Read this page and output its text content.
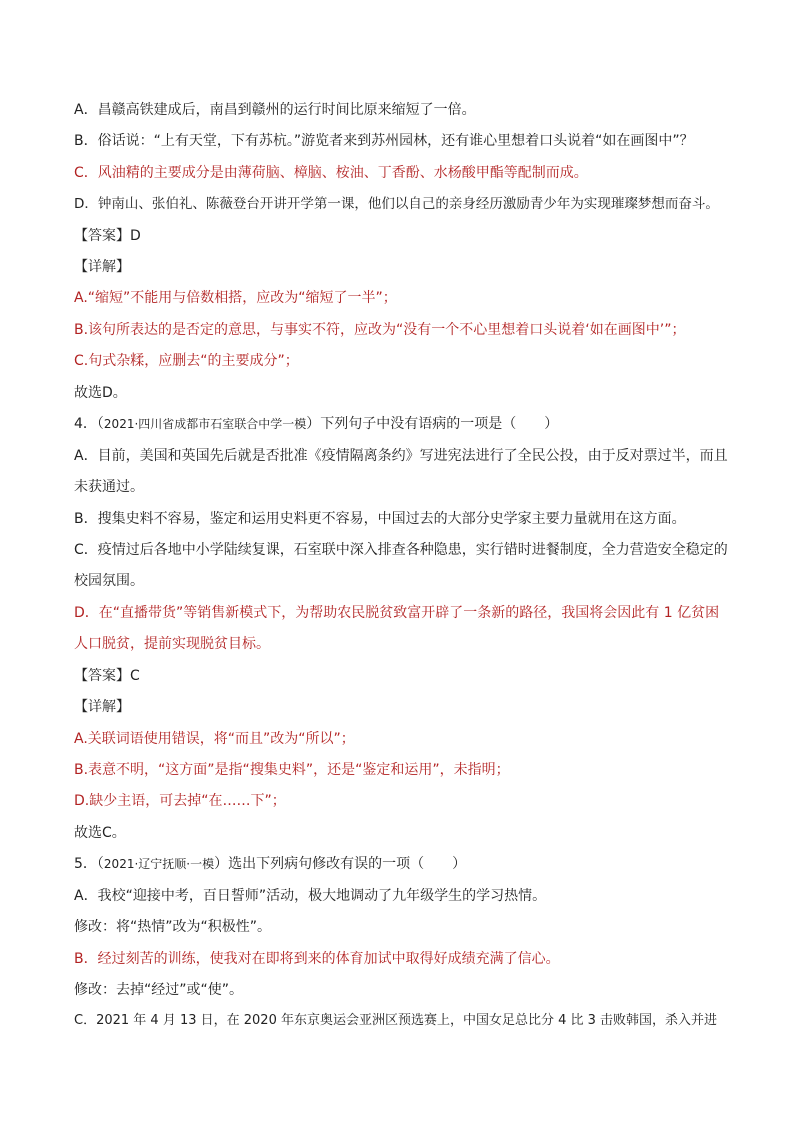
A．昌赣高铁建成后，南昌到赣州的运行时间比原来缩短了一倍。
B．俗话说：“上有天堂，下有苏杭。”游览者来到苏州园林，还有谁心里想着口头说着“如在画图中”？
C．风油精的主要成分是由薄荷脑、樟脑、桉油、丁香酚、水杨酸甲酯等配制而成。
D．钟南山、张伯礼、陈薇登台开讲开学第一课，他们以自己的亲身经历激励青少年为实现璀璨梦想而奋斗。
【答案】D
【详解】
A.“缩短”不能用与倍数相搭，应改为“缩短了一半”；
B.该句所表达的是否定的意思，与事实不符，应改为“没有一个不心里想着口头说着‘如在画图中’”；
C.句式杂糅，应删去“的主要成分”；
故选D。
4．（2021·四川省成都市石室联合中学一模）下列句子中没有语病的一项是（　　）
A．目前，美国和英国先后就是否批准《疫情隔离条约》写进宪法进行了全民公投，由于反对票过半，而且
未获通过。
B．搜集史料不容易，鉴定和运用史料更不容易，中国过去的大部分史学家主要力量就用在这方面。
C．疫情过后各地中小学陆续复课，石室联中深入排查各种隐患，实行错时进餐制度，全力营造安全稳定的
校园氛围。
D．在“直播带货”等销售新模式下，为帮助农民脱贫致富开辟了一条新的路径，我国将会因此有 1 亿贫困
人口脱贫，提前实现脱贫目标。
【答案】C
【详解】
A.关联词语使用错误，将“而且”改为“所以”；
B.表意不明，“这方面”是指“搜集史料”，还是“鉴定和运用”，未指明；
D.缺少主语，可去掉“在……下”；
故选C。
5．（2021·辽宁抚顺·一模）选出下列病句修改有误的一项（　　）
A．我校“迎接中考，百日誓师”活动，极大地调动了九年级学生的学习热情。
修改：将“热情”改为“积极性”。
B．经过刻苦的训练，使我对在即将到来的体育加试中取得好成绩充满了信心。
修改：去掉“经过”或“使”。
C．2021 年 4 月 13 日，在 2020 年东京奥运会亚洲区预选赛上，中国女足总比分 4 比 3 击败韩国，杀入并进
